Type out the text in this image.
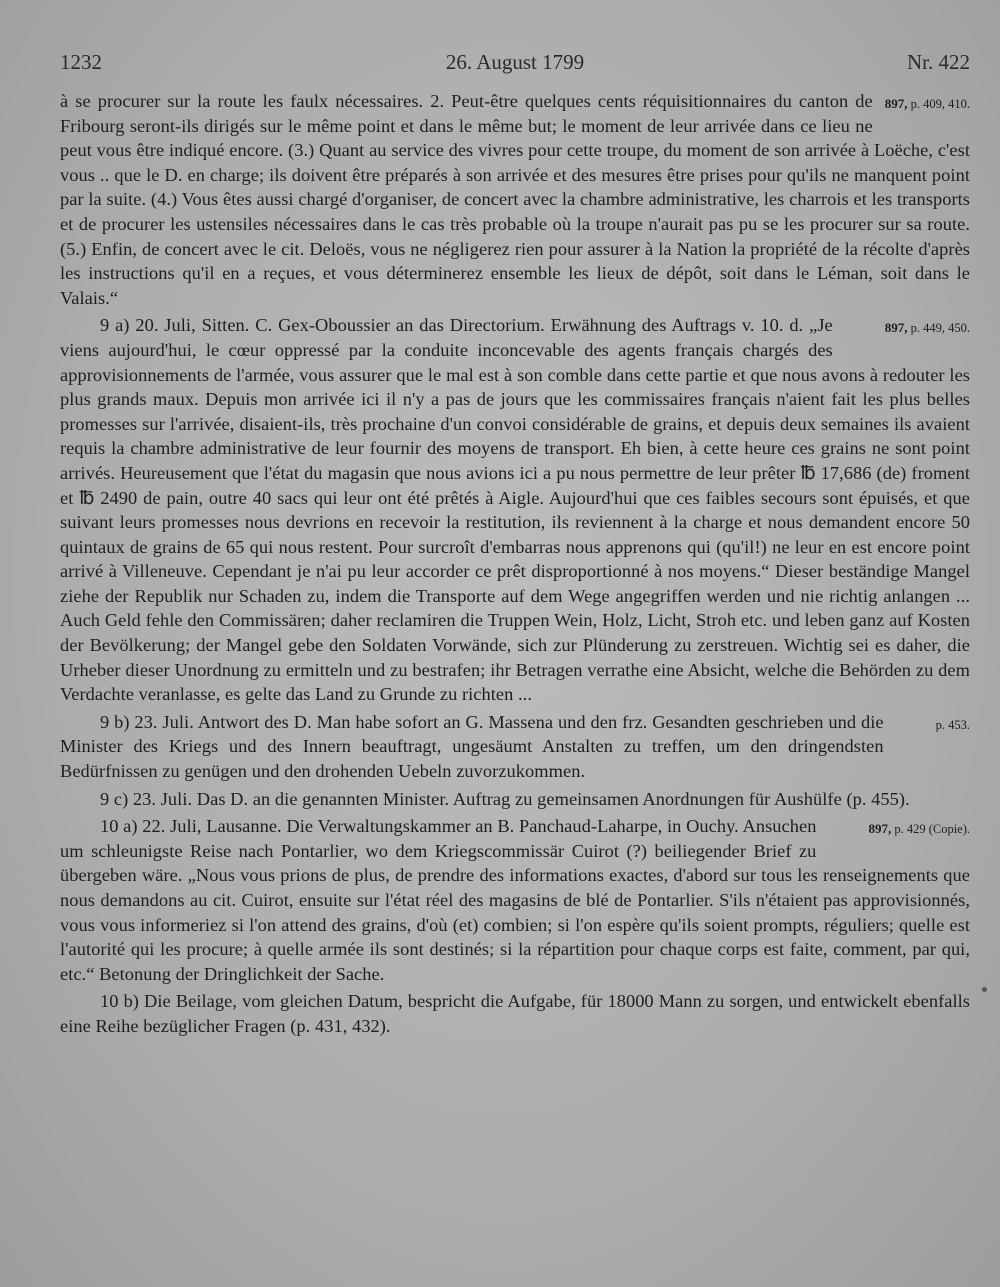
1232	26. August 1799	Nr. 422

897, p. 409, 410.
à se procurer sur la route les faulx nécessaires. 2. Peut-être quelques cents réquisitionnaires du canton de Fribourg seront-ils dirigés sur le même point et dans le même but; le moment de leur arrivée dans ce lieu ne peut vous être indiqué encore. (3.) Quant au service des vivres pour cette troupe, du moment de son arrivée à Loëche, c'est vous .. que le D. en charge; ils doivent être préparés à son arrivée et des mesures être prises pour qu'ils ne manquent point par la suite. (4.) Vous êtes aussi chargé d'organiser, de concert avec la chambre administrative, les charrois et les transports et de procurer les ustensiles nécessaires dans le cas très probable où la troupe n'aurait pas pu se les procurer sur sa route. (5.) Enfin, de concert avec le cit. Deloës, vous ne négligerez rien pour assurer à la Nation la propriété de la récolte d'après les instructions qu'il en a reçues, et vous déterminerez ensemble les lieux de dépôt, soit dans le Léman, soit dans le Valais.“

897, p. 449, 450.
9 a) 20. Juli, Sitten. C. Gex-Oboussier an das Directorium. Erwähnung des Auftrags v. 10. d. „Je viens aujourd'hui, le cœur oppressé par la conduite inconcevable des agents français chargés des approvisionnements de l'armée, vous assurer que le mal est à son comble dans cette partie et que nous avons à redouter les plus grands maux. Depuis mon arrivée ici il n'y a pas de jours que les commissaires français n'aient fait les plus belles promesses sur l'arrivée, disaient-ils, très prochaine d'un convoi considérable de grains, et depuis deux semaines ils avaient requis la chambre administrative de leur fournir des moyens de transport. Eh bien, à cette heure ces grains ne sont point arrivés. Heureusement que l'état du magasin que nous avions ici a pu nous permettre de leur prêter ℔ 17,686 (de) froment et ℔ 2490 de pain, outre 40 sacs qui leur ont été prêtés à Aigle. Aujourd'hui que ces faibles secours sont épuisés, et que suivant leurs promesses nous devrions en recevoir la restitution, ils reviennent à la charge et nous demandent encore 50 quintaux de grains de 65 qui nous restent. Pour surcroît d'embarras nous apprenons qui (qu'il!) ne leur en est encore point arrivé à Villeneuve. Cependant je n'ai pu leur accorder ce prêt disproportionné à nos moyens.“ Dieser beständige Mangel ziehe der Republik nur Schaden zu, indem die Transporte auf dem Wege angegriffen werden und nie richtig anlangen ... Auch Geld fehle den Commissären; daher reclamiren die Truppen Wein, Holz, Licht, Stroh etc. und leben ganz auf Kosten der Bevölkerung; der Mangel gebe den Soldaten Vorwände, sich zur Plünderung zu zerstreuen. Wichtig sei es daher, die Urheber dieser Unordnung zu ermitteln und zu bestrafen; ihr Betragen verrathe eine Absicht, welche die Behörden zu dem Verdachte veranlasse, es gelte das Land zu Grunde zu richten ...

p. 453.
9 b) 23. Juli. Antwort des D. Man habe sofort an G. Massena und den frz. Gesandten geschrieben und die Minister des Kriegs und des Innern beauftragt, ungesäumt Anstalten zu treffen, um den dringendsten Bedürfnissen zu genügen und den drohenden Uebeln zuvorzukommen.

9 c) 23. Juli. Das D. an die genannten Minister. Auftrag zu gemeinsamen Anordnungen für Aushülfe (p. 455).

897, p. 429 (Copie).
10 a) 22. Juli, Lausanne. Die Verwaltungskammer an B. Panchaud-Laharpe, in Ouchy. Ansuchen um schleunigste Reise nach Pontarlier, wo dem Kriegscommissär Cuirot (?) beiliegender Brief zu übergeben wäre. „Nous vous prions de plus, de prendre des informations exactes, d'abord sur tous les renseignements que nous demandons au cit. Cuirot, ensuite sur l'état réel des magasins de blé de Pontarlier. S'ils n'étaient pas approvisionnés, vous vous informeriez si l'on attend des grains, d'où (et) combien; si l'on espère qu'ils soient prompts, réguliers; quelle est l'autorité qui les procure; à quelle armée ils sont destinés; si la répartition pour chaque corps est faite, comment, par qui, etc.“ Betonung der Dringlichkeit der Sache.

10 b) Die Beilage, vom gleichen Datum, bespricht die Aufgabe, für 18000 Mann zu sorgen, und entwickelt ebenfalls eine Reihe bezüglicher Fragen (p. 431, 432).
